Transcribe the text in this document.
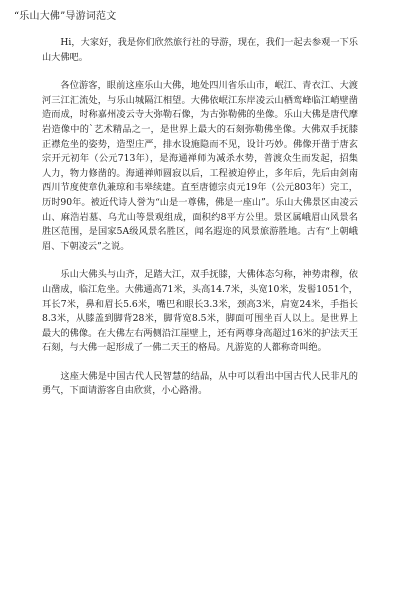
“乐山大佛”导游词范文

Hi，大家好，我是你们欣然旅行社的导游，现在，我们一起去参观一下乐山大佛吧。

各位游客，眼前这座乐山大佛，地处四川省乐山市，岷江、青衣江、大渡河三江汇流处，与乐山城隔江相望。大佛依岷江东岸凌云山栖鸾峰临江峭壁凿造而成，时称嘉州凌云寺大弥勒石像，为古弥勒佛的坐像。乐山大佛是唐代摩岩造像中的`艺术精品之一，是世界上最大的石刻弥勒佛坐像。大佛双手抚膝正襟危坐的姿势，造型庄严，排水设施隐而不见，设计巧妙。佛像开凿于唐玄宗开元初年（公元713年），是海通禅师为减杀水势，普渡众生而发起，招集人力，物力修凿的。海通禅师圆寂以后，工程被迫停止，多年后，先后由剑南西川节度使章仇兼琼和韦皋续建。直至唐德宗贞元19年（公元803年）完工，历时90年。被近代诗人誉为“山是一尊佛，佛是一座山”。乐山大佛景区由凌云山、麻浩岩墓、乌尤山等景观组成，面积约8平方公里。景区属峨眉山风景名胜区范围，是国家5A级风景名胜区，闻名遐迩的风景旅游胜地。古有“上朝峨眉、下朝凌云”之说。

乐山大佛头与山齐，足踏大江，双手抚膝，大佛体态匀称，神势肃穆，依山凿成，临江危坐。大佛通高71米，头高14.7米，头宽10米，发髻1051个，耳长7米，鼻和眉长5.6米，嘴巴和眼长3.3米，颈高3米，肩宽24米，手指长8.3米，从膝盖到脚背28米，脚背宽8.5米，脚面可围坐百人以上。是世界上最大的佛像。在大佛左右两侧沿江崖壁上，还有两尊身高超过16米的护法天王石刻，与大佛一起形成了一佛二天王的格局。凡游览的人都称奇叫绝。

这座大佛是中国古代人民智慧的结晶，从中可以看出中国古代人民非凡的勇气，下面请游客自由欣赏，小心路滑。
